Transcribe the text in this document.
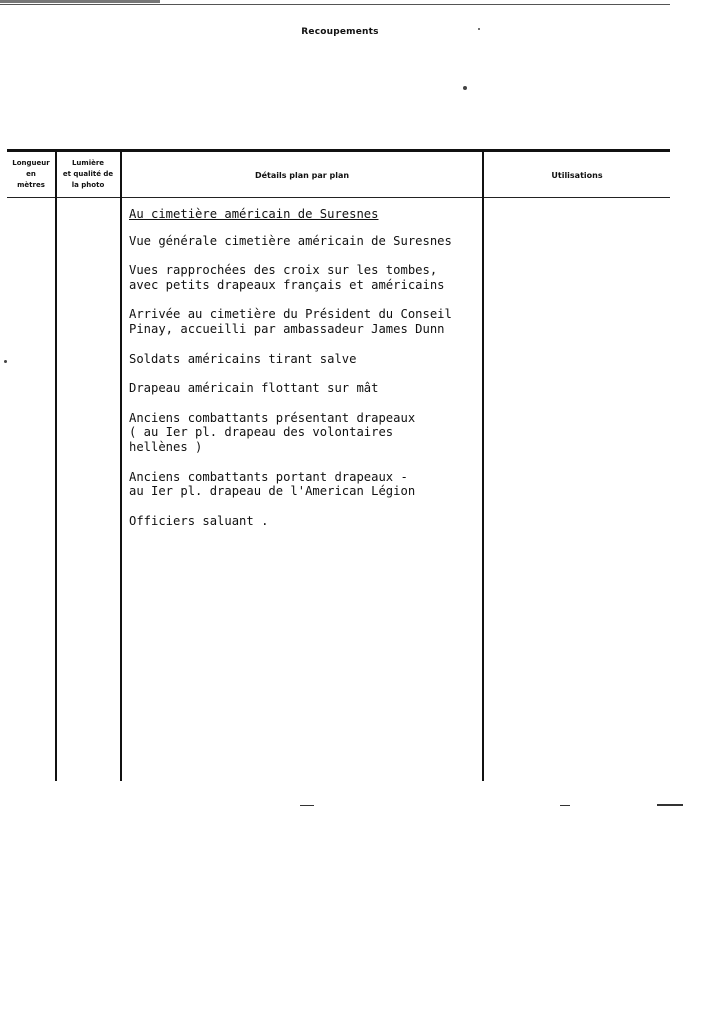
Recoupements
Longueur
en
mètres
Lumière
et qualité de
la photo
Détails plan par plan	Utilisations
Au cimetière américain de Suresnes
Vue générale cimetière américain de Suresnes
Vues rapprochées des croix sur les tombes,
avec petits drapeaux français et américains
Arrivée au cimetière du Président du Conseil
Pinay, accueilli par ambassadeur James Dunn
Soldats américains tirant salve
Drapeau américain flottant sur mât
Anciens combattants présentant drapeaux
( au Ier pl. drapeau des volontaires
hellènes )
Anciens combattants portant drapeaux -
au Ier pl. drapeau de l'American Légion
Officiers saluant .
